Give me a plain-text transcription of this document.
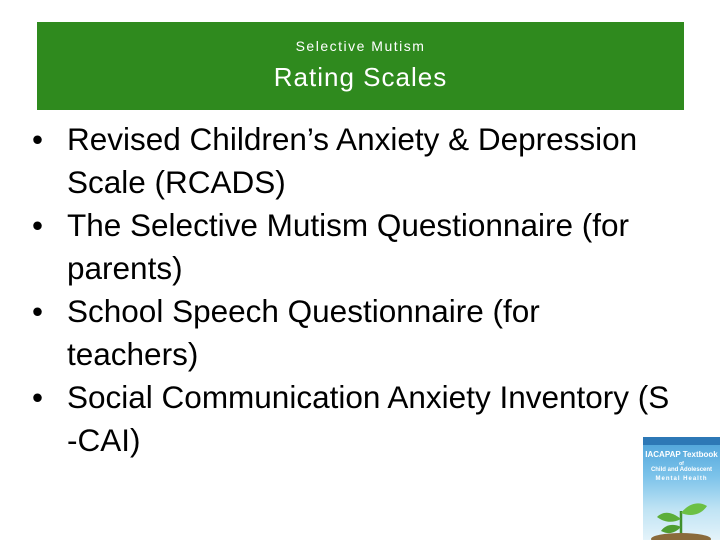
Selective Mutism
Rating Scales
• Revised Children’s Anxiety & Depression
Scale (RCADS)
• The Selective Mutism Questionnaire (for
parents)
• School Speech Questionnaire (for
teachers)
• Social Communication Anxiety Inventory (S
-CAI)	IACAPAP Textbook
of
Child and Adolescent
Mental Health
